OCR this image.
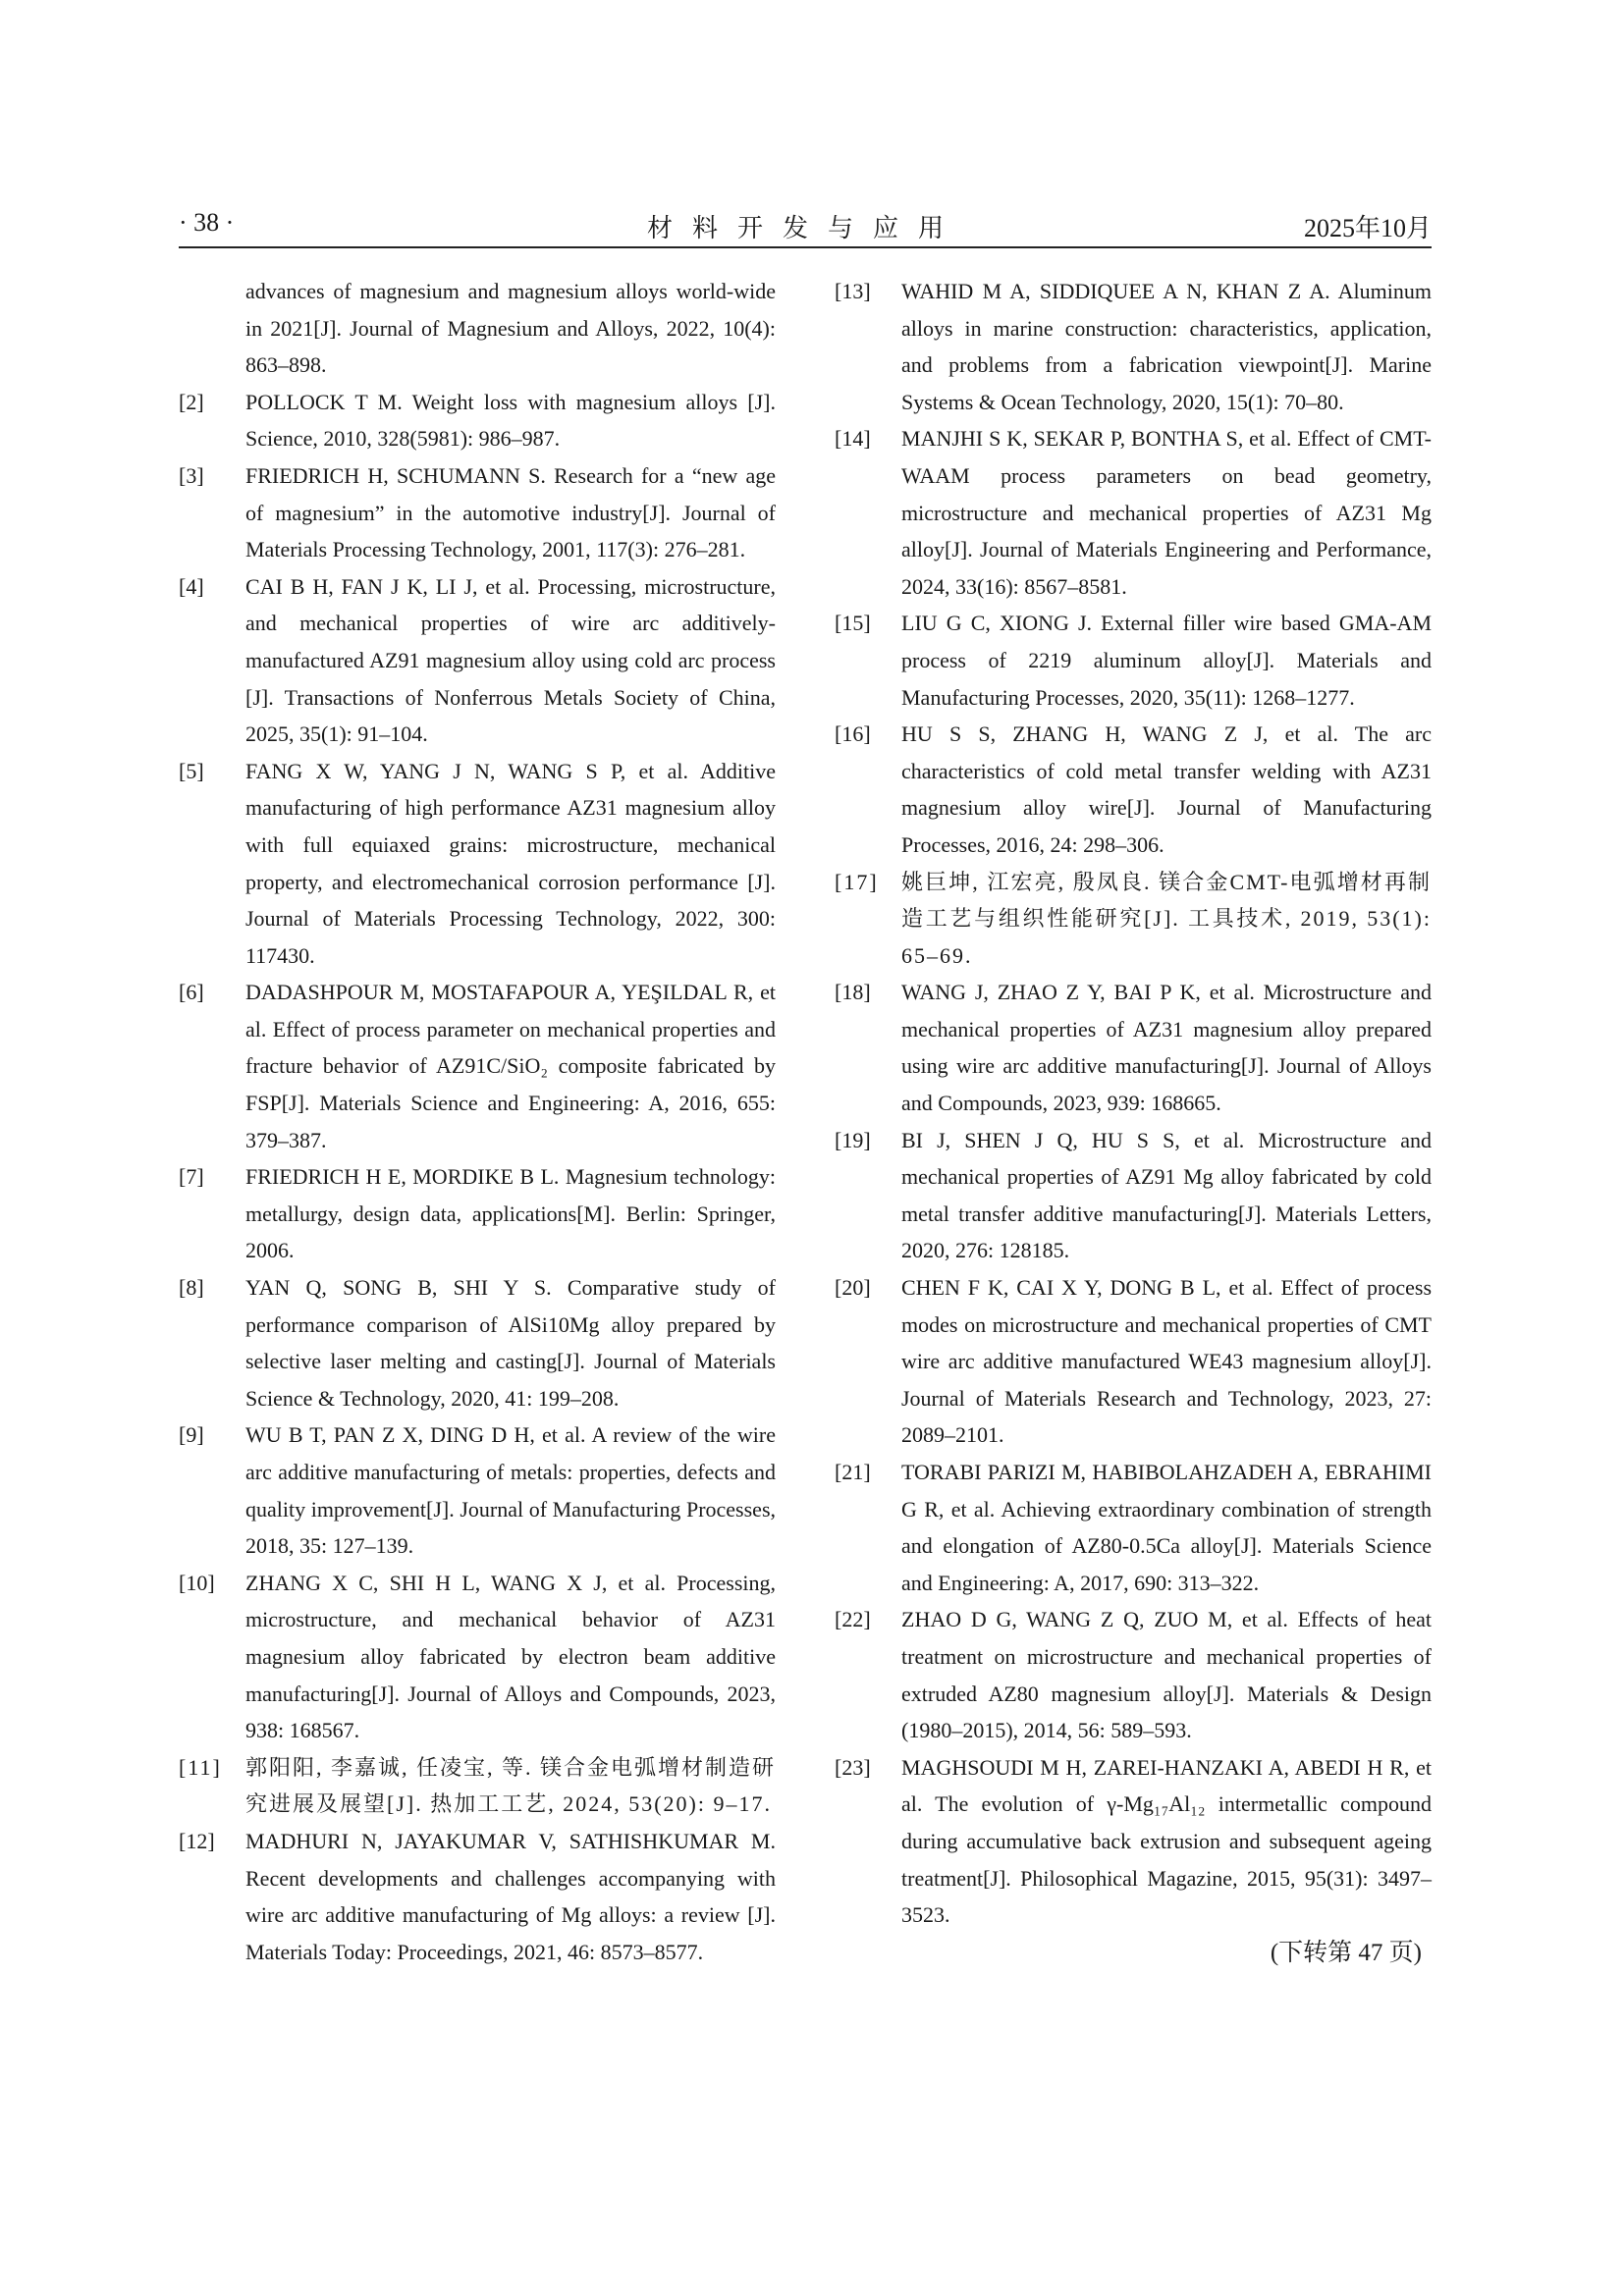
· 38 ·	材料开发与应用	2025年10月
advances of magnesium and magnesium alloys world-wide in 2021[J]. Journal of Magnesium and Alloys, 2022, 10(4): 863–898.
[2] POLLOCK T M. Weight loss with magnesium alloys [J]. Science, 2010, 328(5981): 986–987.
[3] FRIEDRICH H, SCHUMANN S. Research for a “new age of magnesium” in the automotive industry[J]. Journal of Materials Processing Technology, 2001, 117(3): 276–281.
[4] CAI B H, FAN J K, LI J, et al. Processing, microstructure, and mechanical properties of wire arc additively-manufactured AZ91 magnesium alloy using cold arc process [J]. Transactions of Nonferrous Metals Society of China, 2025, 35(1): 91–104.
[5] FANG X W, YANG J N, WANG S P, et al. Additive manufacturing of high performance AZ31 magnesium alloy with full equiaxed grains: microstructure, mechanical property, and electromechanical corrosion performance [J]. Journal of Materials Processing Technology, 2022, 300: 117430.
[6] DADASHPOUR M, MOSTAFAPOUR A, YEŞILDAL R, et al. Effect of process parameter on mechanical properties and fracture behavior of AZ91C/SiO₂ composite fabricated by FSP[J]. Materials Science and Engineering: A, 2016, 655: 379–387.
[7] FRIEDRICH H E, MORDIKE B L. Magnesium technology: metallurgy, design data, applications[M]. Berlin: Springer, 2006.
[8] YAN Q, SONG B, SHI Y S. Comparative study of performance comparison of AlSi10Mg alloy prepared by selective laser melting and casting[J]. Journal of Materials Science & Technology, 2020, 41: 199–208.
[9] WU B T, PAN Z X, DING D H, et al. A review of the wire arc additive manufacturing of metals: properties, defects and quality improvement[J]. Journal of Manufacturing Processes, 2018, 35: 127–139.
[10] ZHANG X C, SHI H L, WANG X J, et al. Processing, microstructure, and mechanical behavior of AZ31 magnesium alloy fabricated by electron beam additive manufacturing[J]. Journal of Alloys and Compounds, 2023, 938: 168567.
[11] 郭阳阳, 李嘉诚, 任凌宝, 等. 镁合金电弧增材制造研究进展及展望[J]. 热加工工艺, 2024, 53(20): 9–17.
[12] MADHURI N, JAYAKUMAR V, SATHISHKUMAR M. Recent developments and challenges accompanying with wire arc additive manufacturing of Mg alloys: a review [J]. Materials Today: Proceedings, 2021, 46: 8573–8577.
[13] WAHID M A, SIDDIQUEE A N, KHAN Z A. Aluminum alloys in marine construction: characteristics, application, and problems from a fabrication viewpoint[J]. Marine Systems & Ocean Technology, 2020, 15(1): 70–80.
[14] MANJHI S K, SEKAR P, BONTHA S, et al. Effect of CMT-WAAM process parameters on bead geometry, microstructure and mechanical properties of AZ31 Mg alloy[J]. Journal of Materials Engineering and Performance, 2024, 33(16): 8567–8581.
[15] LIU G C, XIONG J. External filler wire based GMA-AM process of 2219 aluminum alloy[J]. Materials and Manufacturing Processes, 2020, 35(11): 1268–1277.
[16] HU S S, ZHANG H, WANG Z J, et al. The arc characteristics of cold metal transfer welding with AZ31 magnesium alloy wire[J]. Journal of Manufacturing Processes, 2016, 24: 298–306.
[17] 姚巨坤, 江宏亮, 殷凤良. 镁合金CMT-电弧增材再制造工艺与组织性能研究[J]. 工具技术, 2019, 53(1): 65–69.
[18] WANG J, ZHAO Z Y, BAI P K, et al. Microstructure and mechanical properties of AZ31 magnesium alloy prepared using wire arc additive manufacturing[J]. Journal of Alloys and Compounds, 2023, 939: 168665.
[19] BI J, SHEN J Q, HU S S, et al. Microstructure and mechanical properties of AZ91 Mg alloy fabricated by cold metal transfer additive manufacturing[J]. Materials Letters, 2020, 276: 128185.
[20] CHEN F K, CAI X Y, DONG B L, et al. Effect of process modes on microstructure and mechanical properties of CMT wire arc additive manufactured WE43 magnesium alloy[J]. Journal of Materials Research and Technology, 2023, 27: 2089–2101.
[21] TORABI PARIZI M, HABIBOLAHZADEH A, EBRAHIMI G R, et al. Achieving extraordinary combination of strength and elongation of AZ80-0.5Ca alloy[J]. Materials Science and Engineering: A, 2017, 690: 313–322.
[22] ZHAO D G, WANG Z Q, ZUO M, et al. Effects of heat treatment on microstructure and mechanical properties of extruded AZ80 magnesium alloy[J]. Materials & Design (1980–2015), 2014, 56: 589–593.
[23] MAGHSOUDI M H, ZAREI-HANZAKI A, ABEDI H R, et al. The evolution of γ-Mg₁₇Al₁₂ intermetallic compound during accumulative back extrusion and subsequent ageing treatment[J]. Philosophical Magazine, 2015, 95(31): 3497–3523.
(下转第 47 页)
